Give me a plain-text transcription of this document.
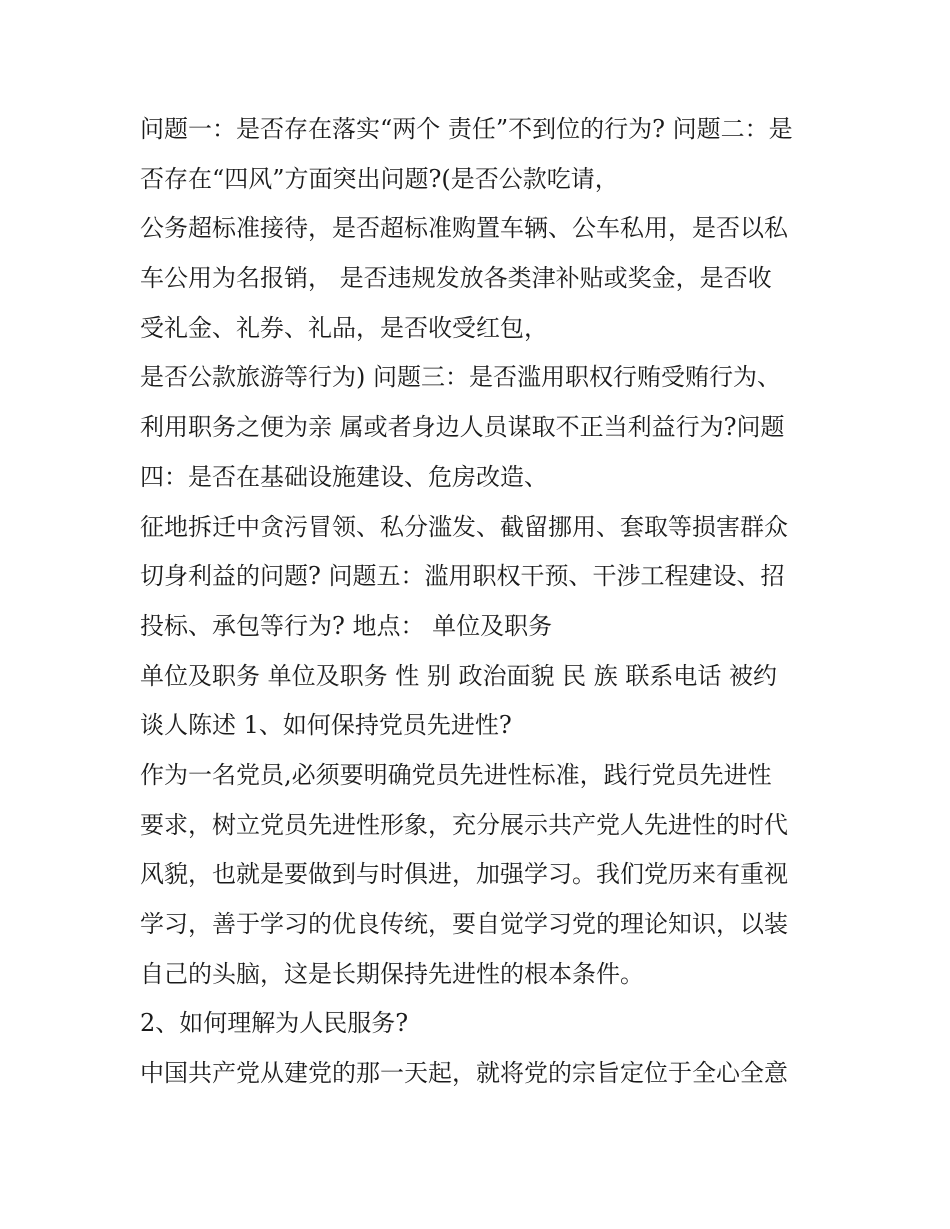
问题一：是否存在落实“两个 责任”不到位的行为? 问题二：是
否存在“四风”方面突出问题?(是否公款吃请，
公务超标准接待，是否超标准购置车辆、公车私用，是否以私
车公用为名报销， 是否违规发放各类津补贴或奖金，是否收
受礼金、礼券、礼品，是否收受红包，
是否公款旅游等行为) 问题三：是否滥用职权行贿受贿行为、
利用职务之便为亲 属或者身边人员谋取不正当利益行为?问题
四：是否在基础设施建设、危房改造、
征地拆迁中贪污冒领、私分滥发、截留挪用、套取等损害群众
切身利益的问题? 问题五：滥用职权干预、干涉工程建设、招
投标、承包等行为? 地点： 单位及职务
单位及职务 单位及职务 性 别 政治面貌 民 族 联系电话 被约
谈人陈述 1、如何保持党员先进性?
作为一名党员,必须要明确党员先进性标准，践行党员先进性
要求，树立党员先进性形象，充分展示共产党人先进性的时代
风貌，也就是要做到与时俱进，加强学习。我们党历来有重视
学习，善于学习的优良传统，要自觉学习党的理论知识，以装
自己的头脑，这是长期保持先进性的根本条件。
2、如何理解为人民服务?
中国共产党从建党的那一天起，就将党的宗旨定位于全心全意
